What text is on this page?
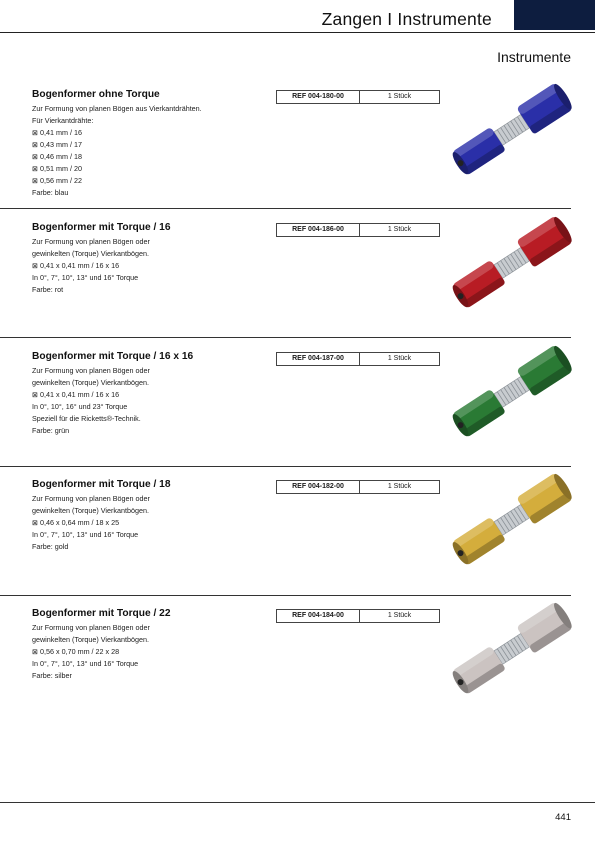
Zangen I Instrumente
Instrumente
Bogenformer ohne Torque
Zur Formung von planen Bögen aus Vierkantdrähten.
Für Vierkantdrähte:
⊠ 0,41 mm / 16
⊠ 0,43 mm / 17
⊠ 0,46 mm / 18
⊠ 0,51 mm / 20
⊠ 0,56 mm / 22
Farbe: blau
REF 004-180-00	1 Stück
Bogenformer mit Torque / 16
Zur Formung von planen Bögen oder
gewinkelten (Torque) Vierkantbögen.
⊠ 0,41 x 0,41 mm / 16 x 16
In 0°, 7°, 10°, 13° und 16° Torque
Farbe: rot
REF 004-186-00	1 Stück
Bogenformer mit Torque / 16 x 16
Zur Formung von planen Bögen oder
gewinkelten (Torque) Vierkantbögen.
⊠ 0,41 x 0,41 mm / 16 x 16
In 0°, 10°, 16° und 23° Torque
Speziell für die Ricketts®-Technik.
Farbe: grün
REF 004-187-00	1 Stück
Bogenformer mit Torque / 18
Zur Formung von planen Bögen oder
gewinkelten (Torque) Vierkantbögen.
⊠ 0,46 x 0,64 mm / 18 x 25
In 0°, 7°, 10°, 13° und 16° Torque
Farbe: gold
REF 004-182-00	1 Stück
Bogenformer mit Torque / 22
Zur Formung von planen Bögen oder
gewinkelten (Torque) Vierkantbögen.
⊠ 0,56 x 0,70 mm / 22 x 28
In 0°, 7°, 10°, 13° und 16° Torque
Farbe: silber
REF 004-184-00	1 Stück
441
